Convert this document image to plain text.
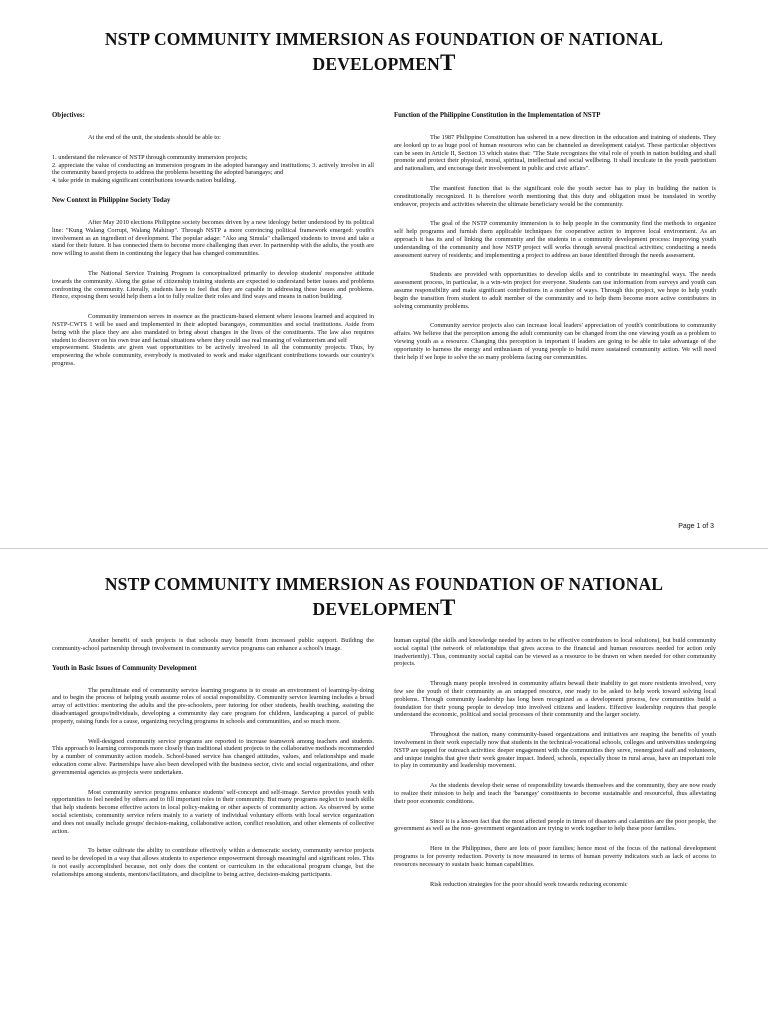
NSTP COMMUNITY IMMERSION AS FOUNDATION OF NATIONAL
DEVELOPMENT
Objectives:

At the end of the unit, the students should be able to:

1. understand the relevance of NSTP through community immersion projects;
2. appreciate the value of conducting an immersion program in the adopted barangay and institutions; 3. actively involve in all the community based projects to address the problems besetting the adopted barangays; and
4. take pride in making significant contributions towards nation building.
New Context in Philippine Society Today

After May 2010 elections Philippine society becomes driven by a new ideology better understood by its political line: "Kung Walang Corrupt, Walang Mahirap". Through NSTP a more convincing political framework emerged: youth's involvement as an ingredient of development. The popular adage: "Ako ang Simula" challenged students to invest and take a stand for their future. It has connected them to become more challenging than ever. In partnership with the adults, the youth are now willing to assist them in continuing the legacy that has changed communities.

The National Service Training Program is conceptualized primarily to develop students' responsive attitude towards the community. Along the guise of citizenship training students are expected to understand better issues and problems confronting the community. Literally, students have to feel that they are capable in addressing these issues and problems. Hence, exposing them would help them a lot to fully realize their roles and find ways and means in nation building.

Community immersion serves in essence as the practicum-based element where lessons learned and acquired in NSTP-CWTS 1 will be used and implemented in their adopted barangays, communities and social institutions. Aside from being with the place they are also mandated to bring about changes in the lives of the constituents. The law also requires student to discover on his own true and factual situations where they could use real meaning of volunteerism and self

empowerment. Students are given vast opportunities to be actively involved in all the community projects. Thus, by empowering the whole community, everybody is motivated to work and make significant contributions towards our country's progress.

Function of the Philippine Constitution in the Implementation of NSTP

The 1987 Philippine Constitution has ushered in a new direction in the education and training of students. They are looked up to as huge pool of human resources who can be channeled as development catalyst. These particular objectives can be seen in Article II, Section 13 which states that: "The State recognizes the vital role of youth in nation building and shall promote and protect their physical, moral, spiritual, intellectual and social wellbeing. It shall inculcate in the youth patriotism and nationalism, and encourage their involvement in public and civic affairs".

The manifest function that is the significant role the youth sector has to play in building the nation is constitutionally recognized. It is therefore worth mentioning that this duty and obligation must be translated in worthy endeavor, projects and activities wherein the ultimate beneficiary would be the community.

The goal of the NSTP community immersion is to help people in the community find the methods to organize self help programs and furnish them applicable techniques for cooperative action to improve local environment. As an approach it has its and of linking the community and the students in a community development process: improving youth understanding of the community and how NSTP project will works through several practical activities; conducting a needs assessment survey of residents; and implementing a project to address an issue identified through the needs assessment.

Students are provided with opportunities to develop skills and to contribute in meaningful ways. The needs assessment process, in particular, is a win-win project for everyone. Students can use information from surveys and youth can assume responsibility and make significant contributions in a number of ways. Through this project, we hope to help youth begin the transition from student to adult member of the community and to help them become more active contributors in solving community problems.

Community service projects also can increase local leaders' appreciation of youth's contributions to community affairs. We believe that the perception among the adult community can be changed from the one viewing youth as a problem to viewing youth as a resource. Changing this perception is important if leaders are going to be able to take advantage of the opportunity to harness the energy and enthusiasm of young people to build more sustained community action. We will need their help if we hope to solve the so many problems facing our communities.

Page 1 of 3
NSTP COMMUNITY IMMERSION AS FOUNDATION OF NATIONAL
DEVELOPMENT

Another benefit of such projects is that schools may benefit from increased public support. Building the community-school partnership through involvement in community service programs can enhance a school's image.

Youth in Basic Issues of Community Development

The penultimate end of community service learning programs is to create an environment of learning-by-doing and to begin the process of helping youth assume roles of social responsibility. Community service learning includes a broad array of activities: mentoring the adults and the pre-schoolers, peer tutoring for other students, health teaching, assisting the disadvantaged groups/individuals, developing a community day care program for children, landscaping a parcel of public property, raising funds for a cause, organizing recycling programs in schools and communities, and so much more.

Well-designed community service programs are reported to increase teamwork among teachers and students. This approach to learning corresponds more closely than traditional student projects to the collaborative methods recommended by a number of community action models. School-based service has changed attitudes, values, and relationships and made education come alive. Partnerships have also been developed with the business sector, civic and social organizations, and other governmental agencies as projects were undertaken.

Most community service programs enhance students' self-concept and self-image. Service provides youth with opportunities to feel needed by others and to fill important roles in their community. But many programs neglect to teach skills that help students become effective actors in local policy-making or other aspects of community action. As observed by some social scientists, community service refers mainly to a variety of individual voluntary efforts with local service organization and does not usually include groups' decision-making, collaborative action, conflict resolution, and other elements of collective action.

To better cultivate the ability to contribute effectively within a democratic society, community service projects need to be developed in a way that allows students to experience empowerment through meaningful and significant roles. This is not easily accomplished because, not only does the content or curriculum in the educational program change, but the relationships among students, mentors/facilitators, and discipline to being active, decision-making participants.

human capital (the skills and knowledge needed by actors to be effective contributors to local solutions), but build community social capital (the network of relationships that gives access to the financial and human resources needed for action only inadvertently). Thus, community social capital can be viewed as a resource to be drawn on when needed for other community projects.

Through many people involved in community affairs bewail their inability to get more residents involved, very few see the youth of their community as an untapped resource, one ready to be asked to help work toward solving local problems. Through community leadership has long been recognized as a development process, few communities build a foundation for their young people to develop into involved citizens and leaders. Effective leadership requires that people understand the economic, political and social processes of their community and the larger society.

Throughout the nation, many community-based organizations and initiatives are reaping the benefits of youth involvement in their work especially now that students in the technical-vocational schools, colleges and universities undergoing NSTP are tapped for outreach activities: deeper engagement with the communities they serve, reenergized staff and volunteers, and unique insights that give their work greater impact. Indeed, schools, especially those in rural areas, have an important role to play in community and leadership movement.

As the students develop their sense of responsibility towards themselves and the community, they are now ready to realize their mission to help and teach the 'barangay' constituents to become sustainable and resourceful, thus alleviating their poor economic conditions.

Since it is a known fact that the most affected people in times of disasters and calamities are the poor people, the government as well as the non- government organization are trying to work together to help these poor families.

Here in the Philippines, there are lots of poor families; hence most of the focus of the national development programs is for poverty reduction. Poverty is now measured in terms of human poverty indicators such as lack of access to resources necessary to sustain basic human capabilities.

Risk reduction strategies for the poor should work towards reducing economic
